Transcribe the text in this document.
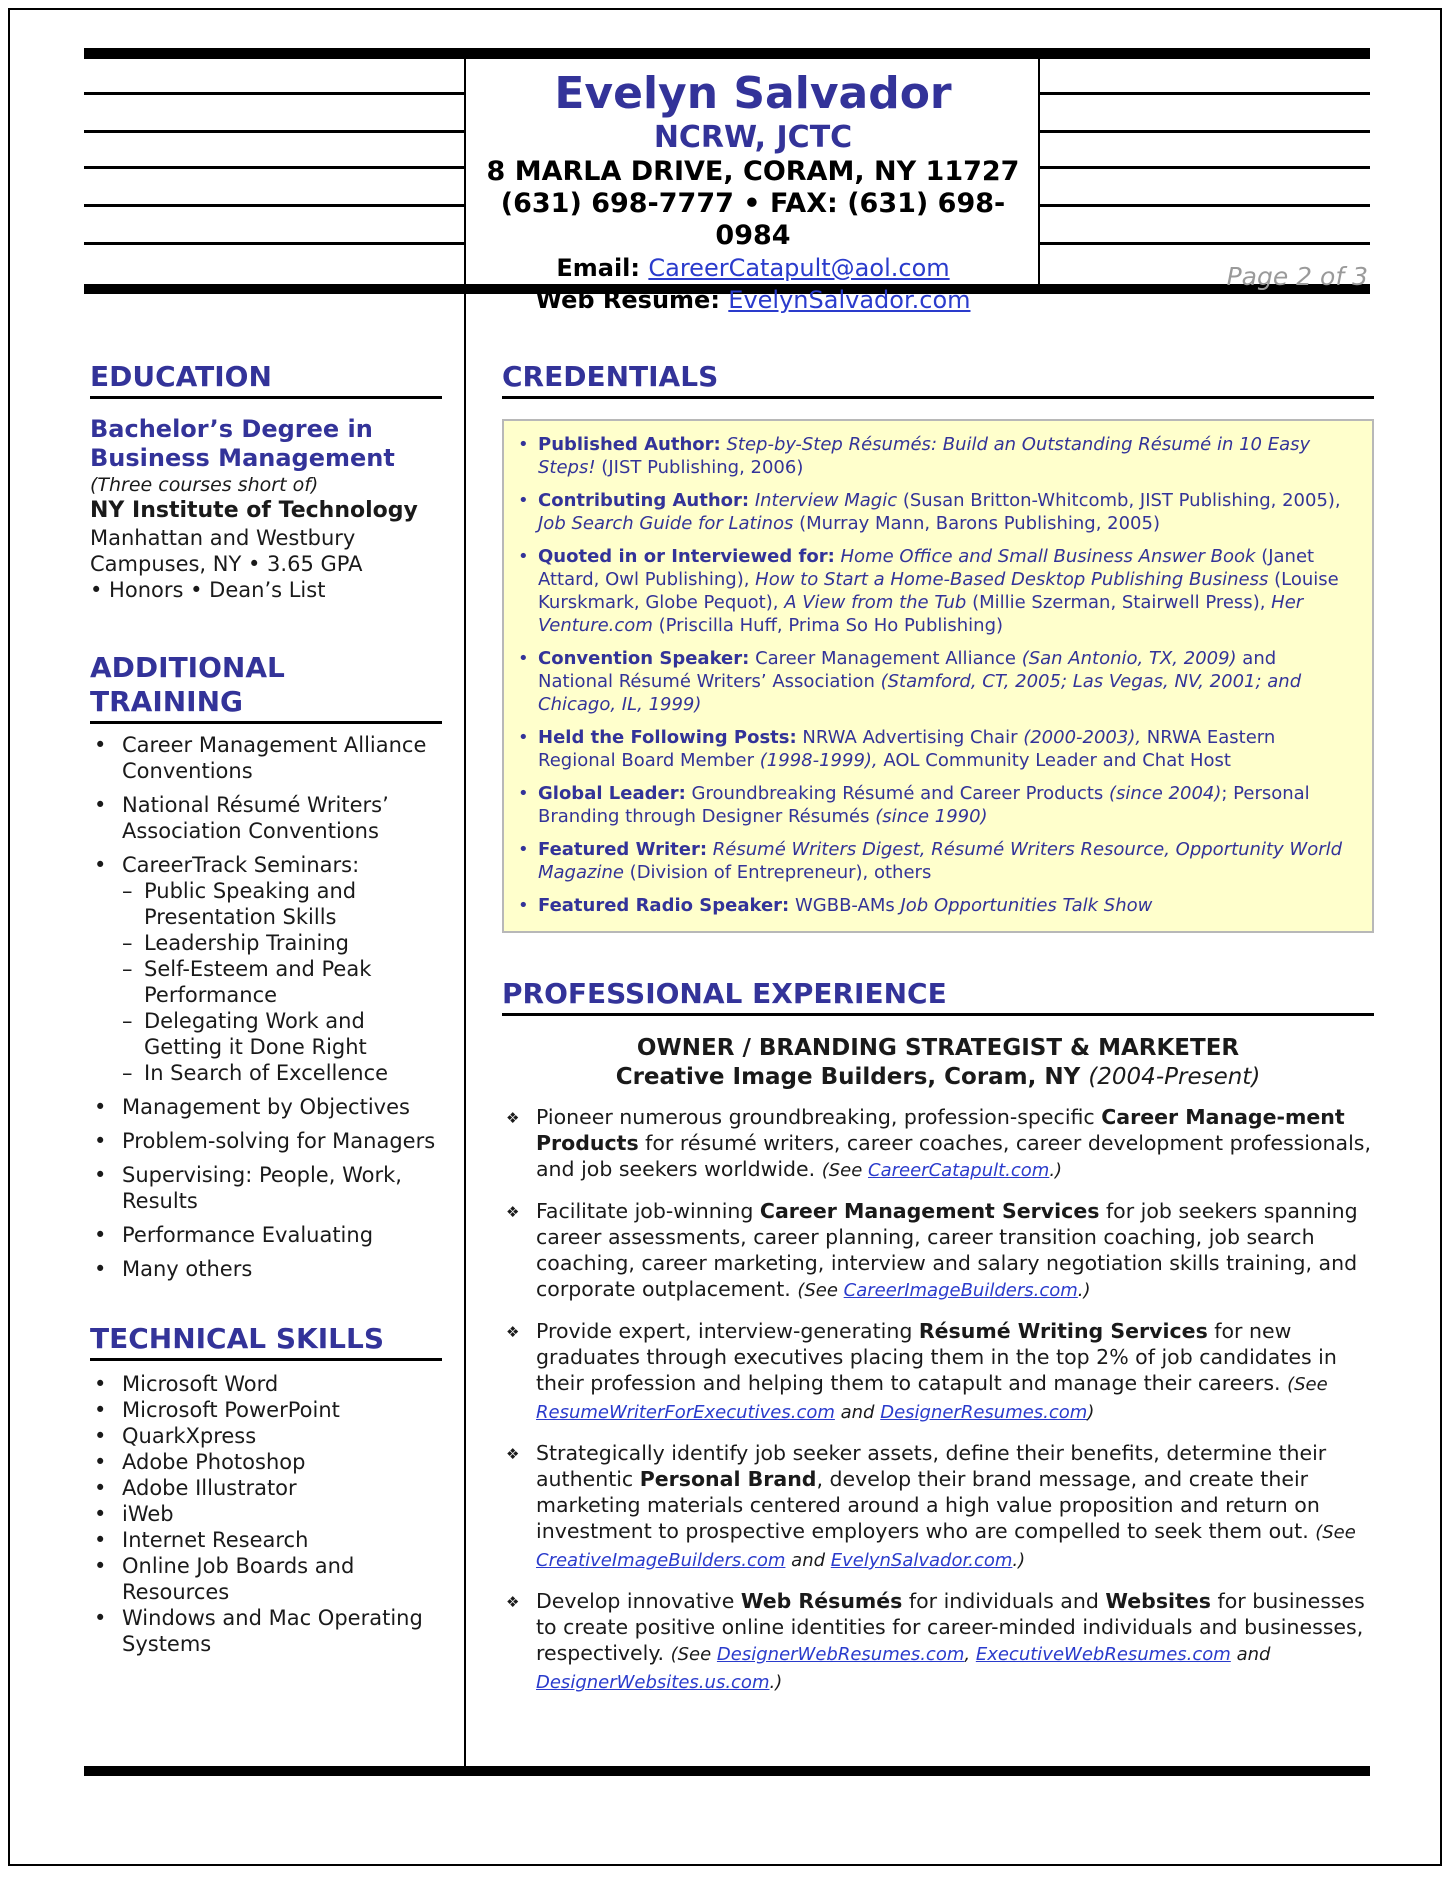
Evelyn Salvador
NCRW, JCTC
8 MARLA DRIVE, CORAM, NY 11727
(631) 698-7777 • FAX: (631) 698-0984
Email: CareerCatapult@aol.com
Web Résumé: EvelynSalvador.com
Page 2 of 3
EDUCATION
Bachelor’s Degree in Business Management
(Three courses short of)
NY Institute of Technology
Manhattan and Westbury Campuses, NY • 3.65 GPA
• Honors • Dean’s List
ADDITIONAL TRAINING
• Career Management Alliance Conventions
• National Résumé Writers’ Association Conventions
• CareerTrack Seminars:
– Public Speaking and Presentation Skills
– Leadership Training
– Self-Esteem and Peak Performance
– Delegating Work and Getting it Done Right
– In Search of Excellence
• Management by Objectives
• Problem-solving for Managers
• Supervising: People, Work, Results
• Performance Evaluating
• Many others
TECHNICAL SKILLS
• Microsoft Word
• Microsoft PowerPoint
• QuarkXpress
• Adobe Photoshop
• Adobe Illustrator
• iWeb
• Internet Research
• Online Job Boards and Resources
• Windows and Mac Operating Systems
CREDENTIALS
• Published Author: Step-by-Step Résumés: Build an Outstanding Résumé in 10 Easy Steps! (JIST Publishing, 2006)
• Contributing Author: Interview Magic (Susan Britton-Whitcomb, JIST Publishing, 2005), Job Search Guide for Latinos (Murray Mann, Barons Publishing, 2005)
• Quoted in or Interviewed for: Home Office and Small Business Answer Book (Janet Attard, Owl Publishing), How to Start a Home-Based Desktop Publishing Business (Louise Kurskmark, Globe Pequot), A View from the Tub (Millie Szerman, Stairwell Press), Her Venture.com (Priscilla Huff, Prima So Ho Publishing)
• Convention Speaker: Career Management Alliance (San Antonio, TX, 2009) and National Résumé Writers’ Association (Stamford, CT, 2005; Las Vegas, NV, 2001; and Chicago, IL, 1999)
• Held the Following Posts: NRWA Advertising Chair (2000-2003), NRWA Eastern Regional Board Member (1998-1999), AOL Community Leader and Chat Host
• Global Leader: Groundbreaking Résumé and Career Products (since 2004); Personal Branding through Designer Résumés (since 1990)
• Featured Writer: Résumé Writers Digest, Résumé Writers Resource, Opportunity World Magazine (Division of Entrepreneur), others
• Featured Radio Speaker: WGBB-AMs Job Opportunities Talk Show
PROFESSIONAL EXPERIENCE
OWNER / BRANDING STRATEGIST & MARKETER
Creative Image Builders, Coram, NY (2004-Present)
❖ Pioneer numerous groundbreaking, profession-specific Career Manage-ment Products for résumé writers, career coaches, career development professionals, and job seekers worldwide. (See CareerCatapult.com.)
❖ Facilitate job-winning Career Management Services for job seekers spanning career assessments, career planning, career transition coaching, job search coaching, career marketing, interview and salary negotiation skills training, and corporate outplacement. (See CareerImageBuilders.com.)
❖ Provide expert, interview-generating Résumé Writing Services for new graduates through executives placing them in the top 2% of job candidates in their profession and helping them to catapult and manage their careers. (See ResumeWriterForExecutives.com and DesignerResumes.com)
❖ Strategically identify job seeker assets, define their benefits, determine their authentic Personal Brand, develop their brand message, and create their marketing materials centered around a high value proposition and return on investment to prospective employers who are compelled to seek them out. (See CreativeImageBuilders.com and EvelynSalvador.com.)
❖ Develop innovative Web Résumés for individuals and Websites for businesses to create positive online identities for career-minded individuals and businesses, respectively. (See DesignerWebResumes.com, ExecutiveWebResumes.com and DesignerWebsites.us.com.)
